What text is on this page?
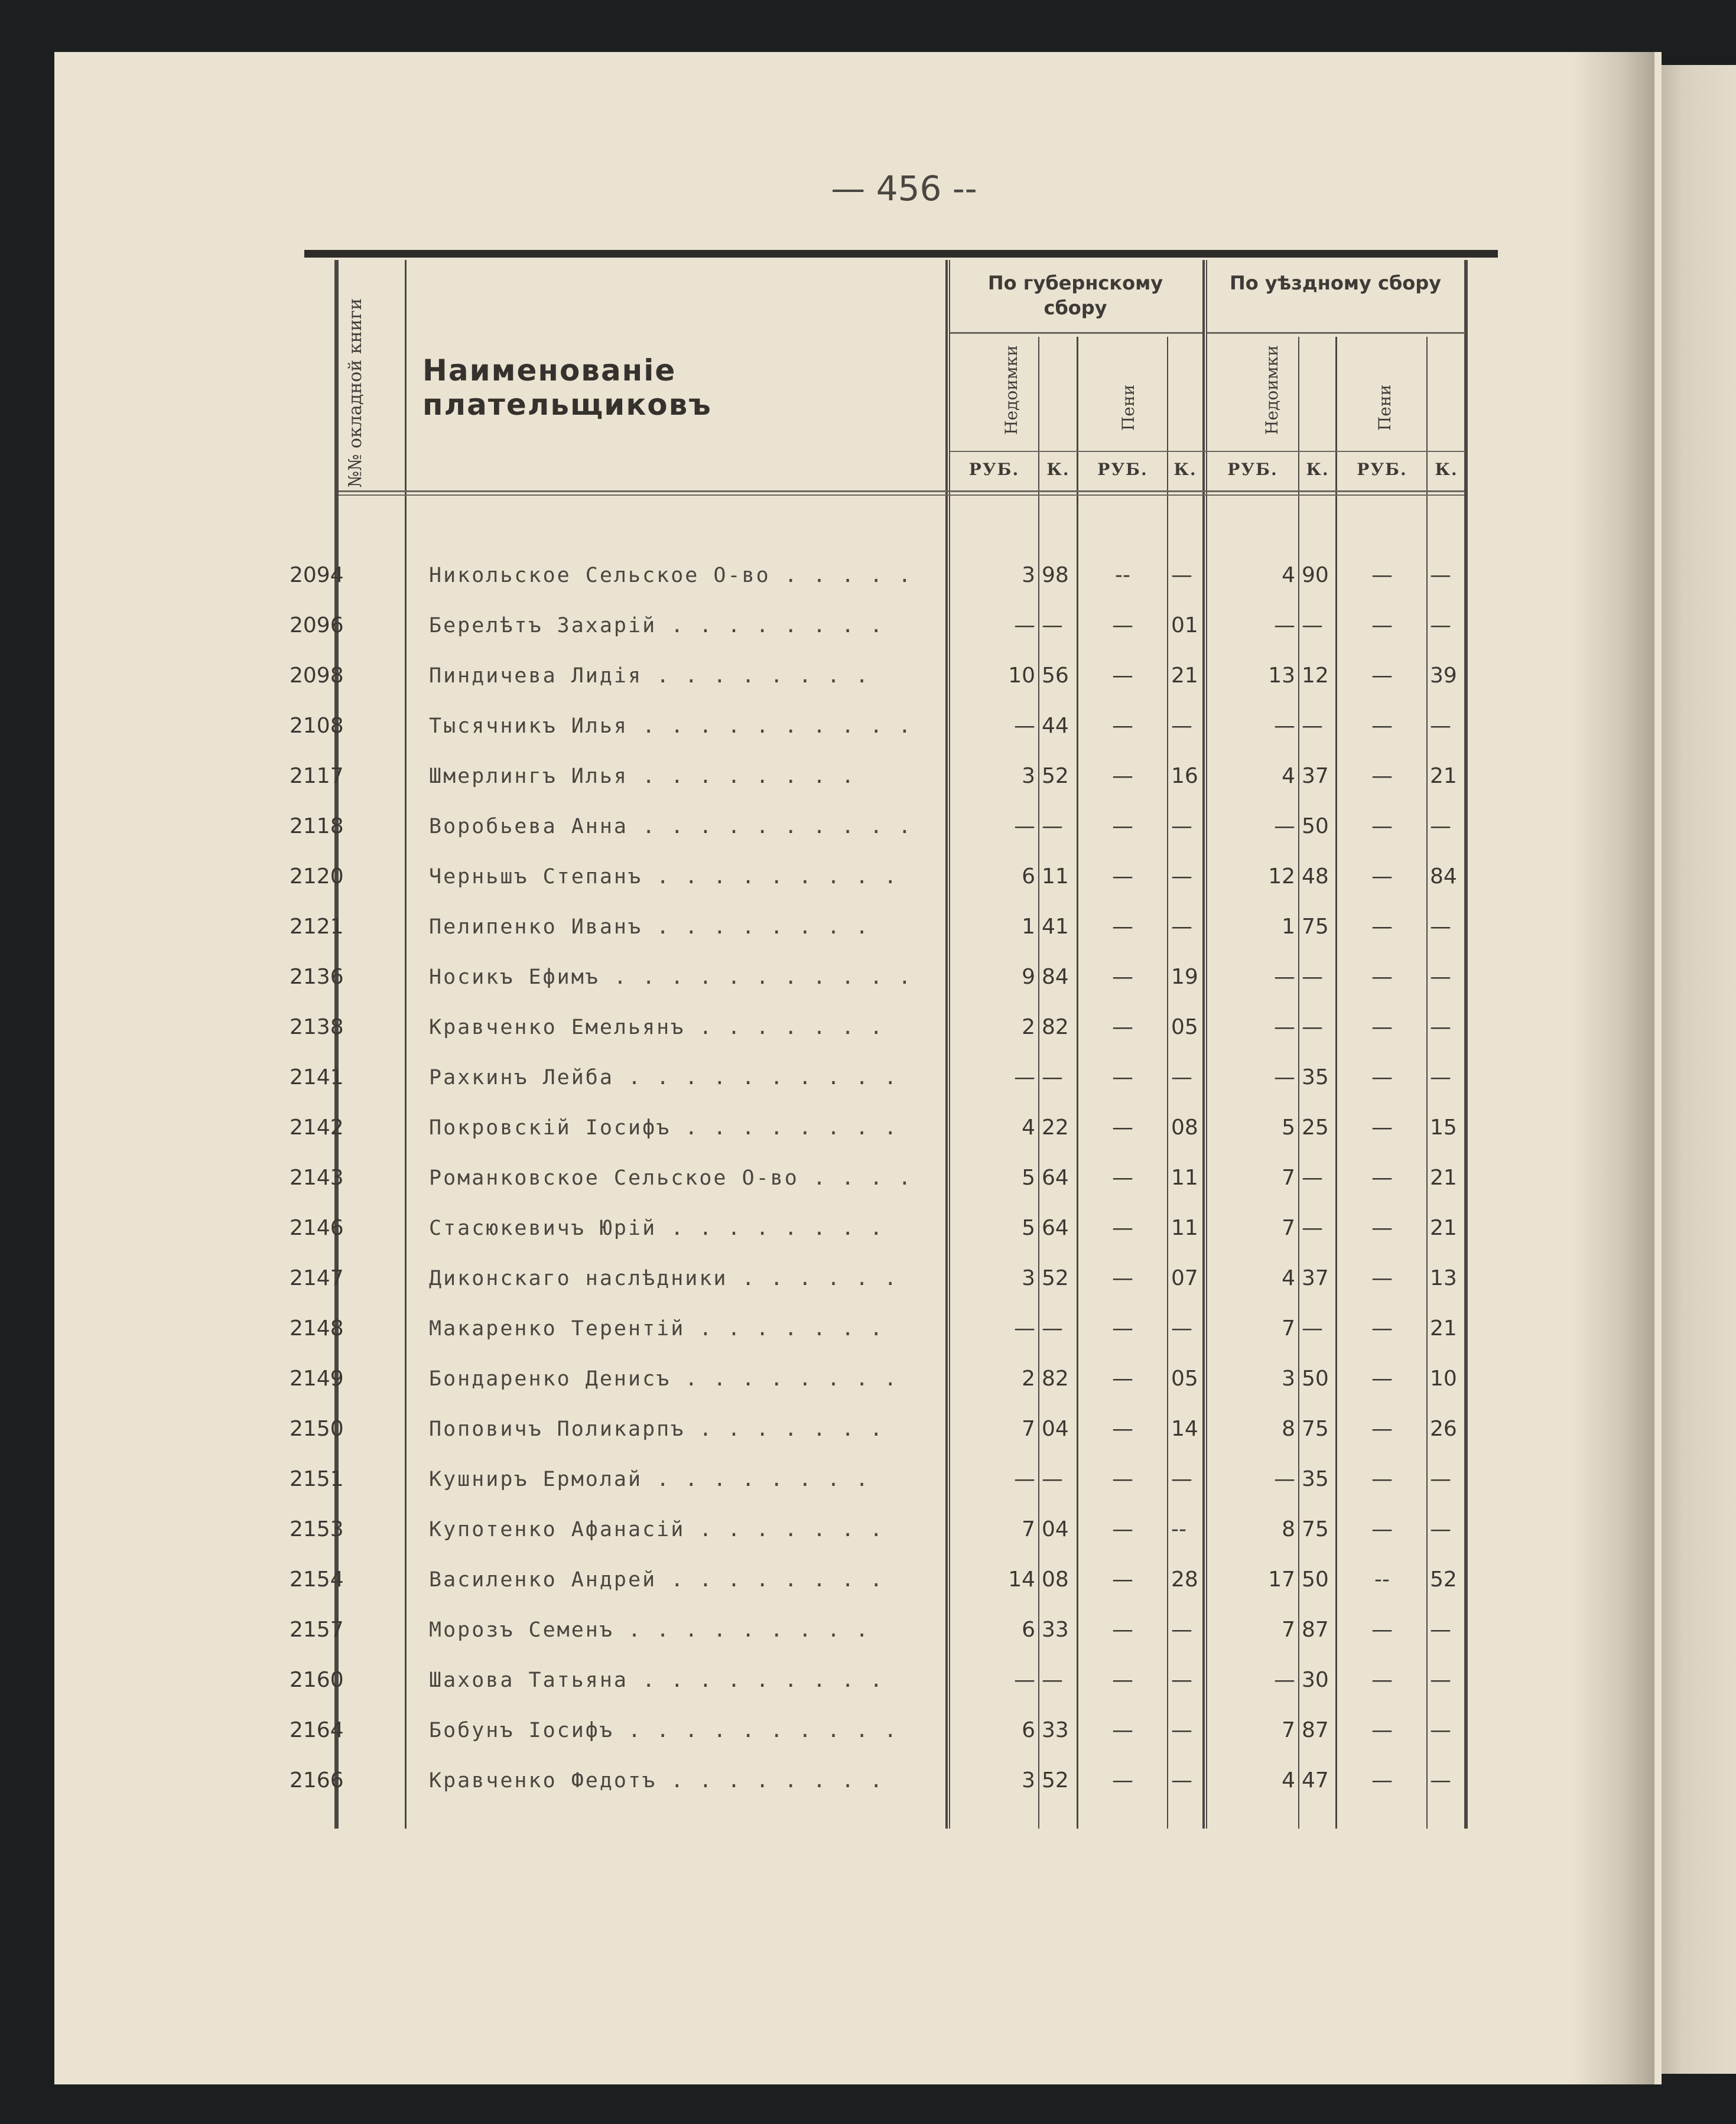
— 456 --
№№ окладной книги	Наименованіе плательщиковъ
По губернскому сбору
По уѣздному сбору
Недоимки	Пени	Недоимки	Пени
РУБ.	К.	РУБ.	К.	РУБ.	К.	РУБ.	К.
2094	Никольское Сельское О-во . . . . .	3 98	--	—	4 90	—	—
2096	Берелѣтъ Захарій . . . . . . . .	— —	—	01	— —	—	—
2098	Пиндичева Лидія . . . . . . . .	10 56	—	21	13 12	—	39
2108	Тысячникъ Илья . . . . . . . . . .	— 44	—	—	— —	—	—
2117	Шмерлингъ Илья . . . . . . . .	3 52	—	16	4 37	—	21
2118	Воробьева Анна . . . . . . . . . .	— —	—	—	— 50	—	—
2120	Черньшъ Степанъ . . . . . . . . .	6 11	—	—	12 48	—	84
2121	Пелипенко Иванъ . . . . . . . .	1 41	—	—	1 75	—	—
2136	Носикъ Ефимъ . . . . . . . . . . .	9 84	—	19	— —	—	—
2138	Кравченко Емельянъ . . . . . . .	2 82	—	05	— —	—	—
2141	Рахкинъ Лейба . . . . . . . . . .	— —	—	—	— 35	—	—
2142	Покровскій Іосифъ . . . . . . . .	4 22	—	08	5 25	—	15
2143	Романковское Сельское О-во . . . .	5 64	—	11	7 —	—	21
2146	Стасюкевичъ Юрій . . . . . . . .	5 64	—	11	7 —	—	21
2147	Диконскаго наслѣдники . . . . . .	3 52	—	07	4 37	—	13
2148	Макаренко Терентій . . . . . . .	— —	—	—	7 —	—	21
2149	Бондаренко Денисъ . . . . . . . .	2 82	—	05	3 50	—	10
2150	Поповичъ Поликарпъ . . . . . . .	7 04	—	14	8 75	—	26
2151	Кушниръ Ермолай . . . . . . . .	— —	—	—	— 35	—	—
2153	Купотенко Афанасій . . . . . . .	7 04	—	--	8 75	—	—
2154	Василенко Андрей . . . . . . . .	14 08	—	28	17 50	--	52
2157	Морозъ Семенъ . . . . . . . . .	6 33	—	—	7 87	—	—
2160	Шахова Татьяна . . . . . . . . .	— —	—	—	— 30	—	—
2164	Бобунъ Іосифъ . . . . . . . . . .	6 33	—	—	7 87	—	—
2166	Кравченко Федотъ . . . . . . . .	3 52	—	—	4 47	—	—
